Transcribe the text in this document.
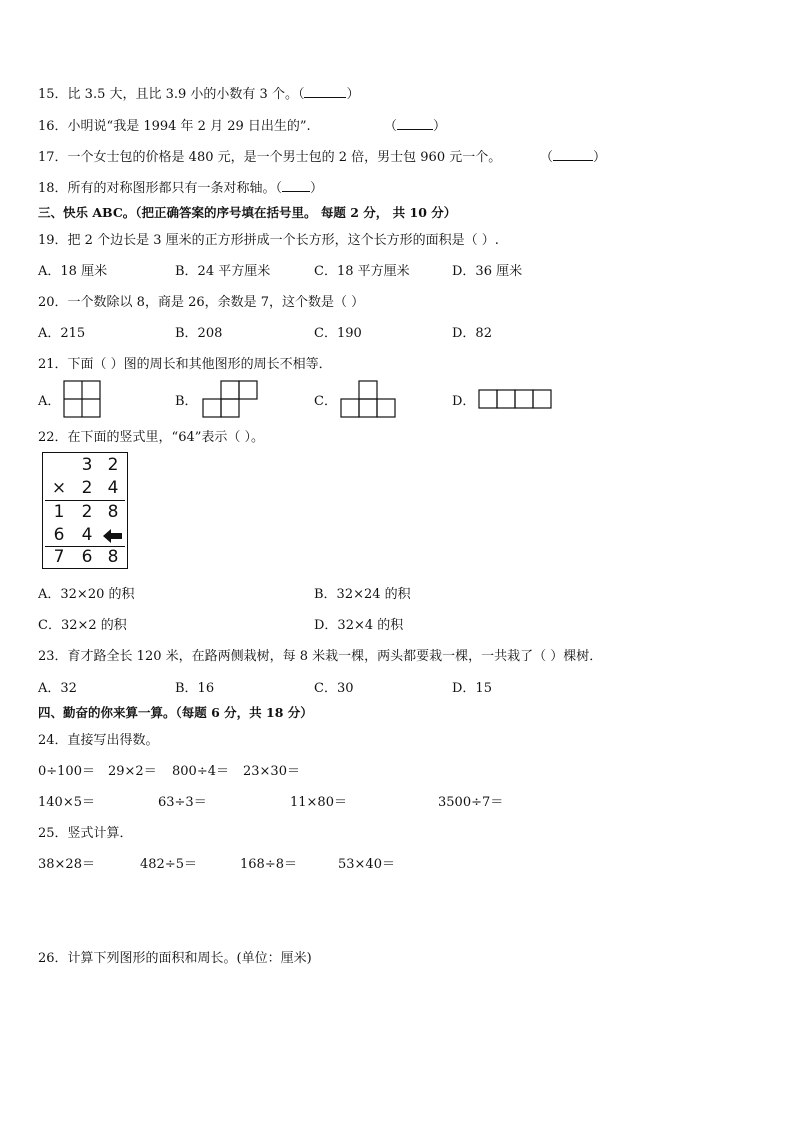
15．比 3.5 大，且比 3.9 小的小数有 3 个。（	）
16．小明说“我是 1994 年 2 月 29 日出生的”.	（	）
17．一个女士包的价格是 480 元，是一个男士包的 2 倍，男士包 960 元一个。	（	）
18．所有的对称图形都只有一条对称轴。（ ）
三、快乐 ABC。（把正确答案的序号填在括号里。 每题 2 分， 共 10 分）
19．把 2 个边长是 3 厘米的正方形拼成一个长方形，这个长方形的面积是（ ）.
A．18 厘米	B．24 平方厘米	C．18 平方厘米	D．36 厘米
20．一个数除以 8，商是 26，余数是 7，这个数是（ ）
A．215	B．208	C．190	D．82
21．下面（ ）图的周长和其他图形的周长不相等．
A．	B．	C．	D．
22．在下面的竖式里，“64”表示（ ）。
3 2
× 2 4
1 2 8
6 4
7 6 8
A．32×20 的积	B．32×24 的积
C．32×2 的积	D．32×4 的积
23．育才路全长 120 米，在路两侧栽树，每 8 米栽一棵，两头都要栽一棵，一共栽了（ ）棵树．
A．32	B．16	C．30	D．15
四、勤奋的你来算一算。（每题 6 分，共 18 分）
24．直接写出得数。
0÷100＝ 29×2＝ 800÷4＝ 23×30＝
140×5＝	63÷3＝	11×80＝	3500÷7＝
25．竖式计算．
38×28＝	482÷5＝	168÷8＝	53×40＝
26．计算下列图形的面积和周长。(单位：厘米)
